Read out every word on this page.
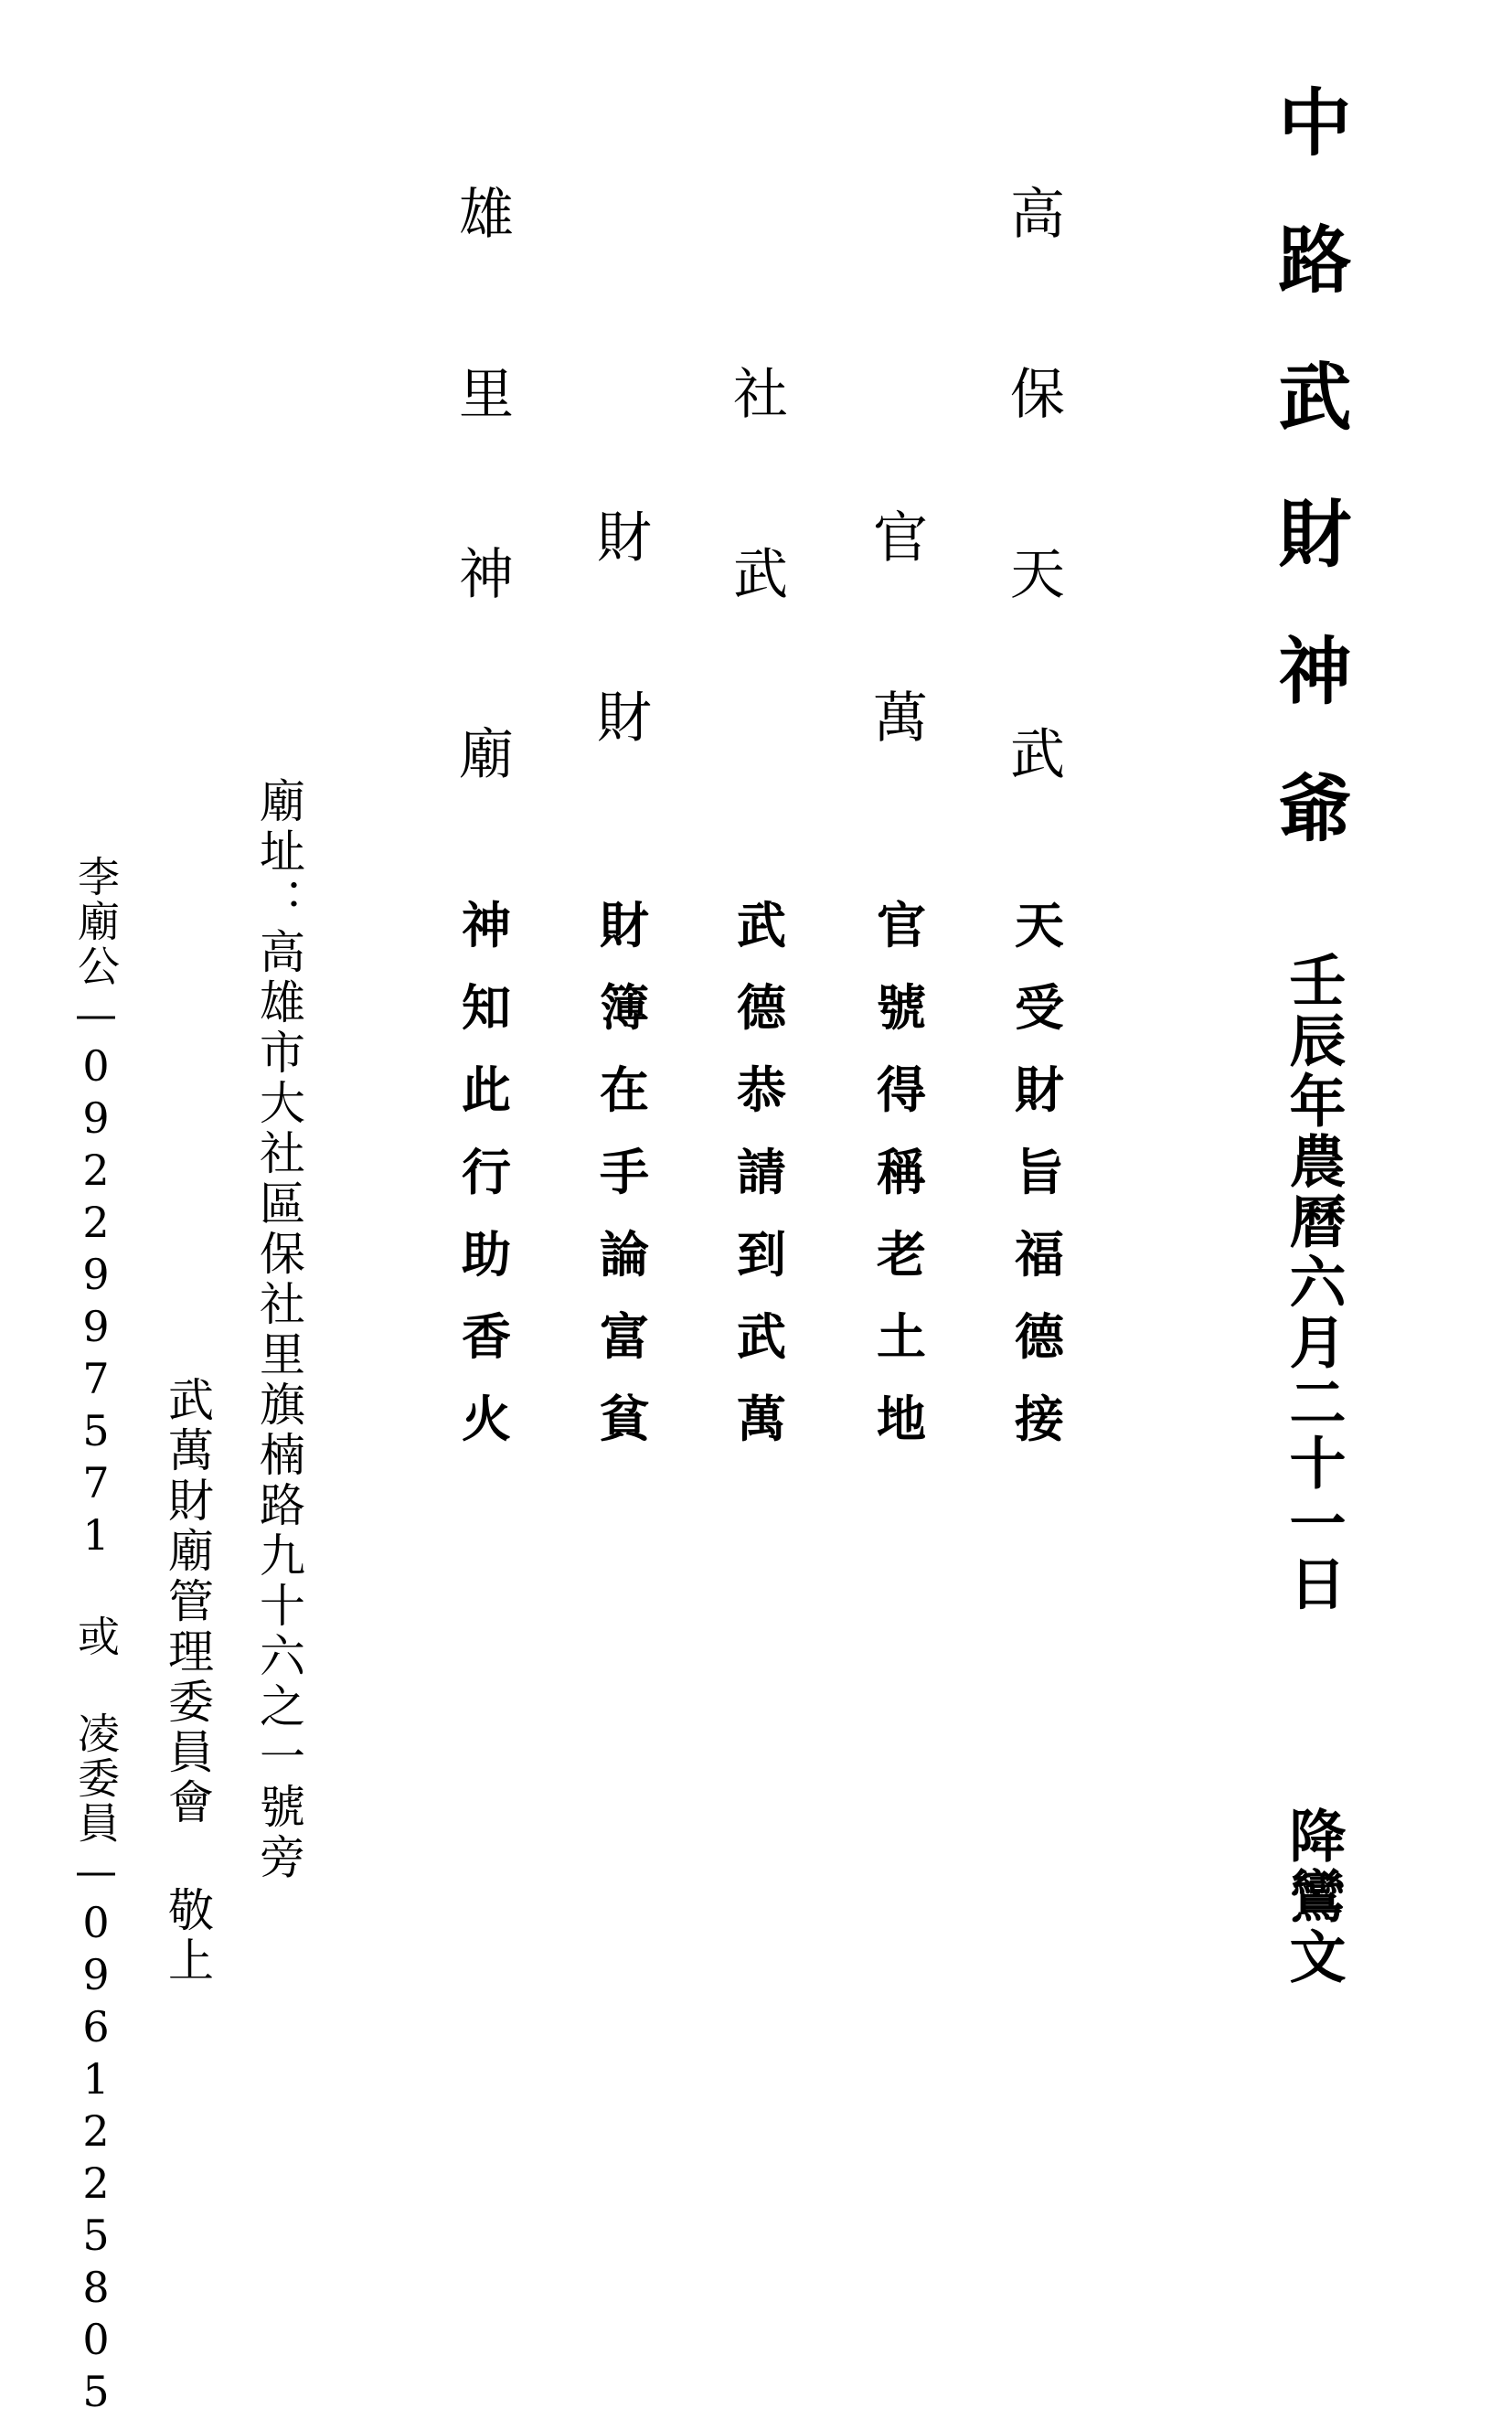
中路武財神爺
壬辰年農曆六月二十一日  降鸞文
高
保
天
武
官
萬
社
武
財
財
雄
里
神
廟
天
受
財
旨
福
德
接
官
號
得
稱
老
土
地
武
德
恭
請
到
武
萬
財
簿
在
手
論
富
貧
神
知
此
行
助
香
火
廟址：高雄市大社區保社里旗楠路九十六之一號旁
武萬財廟管理委員會 敬上
李廟公—0922997571 或 凌委員—0961225805
